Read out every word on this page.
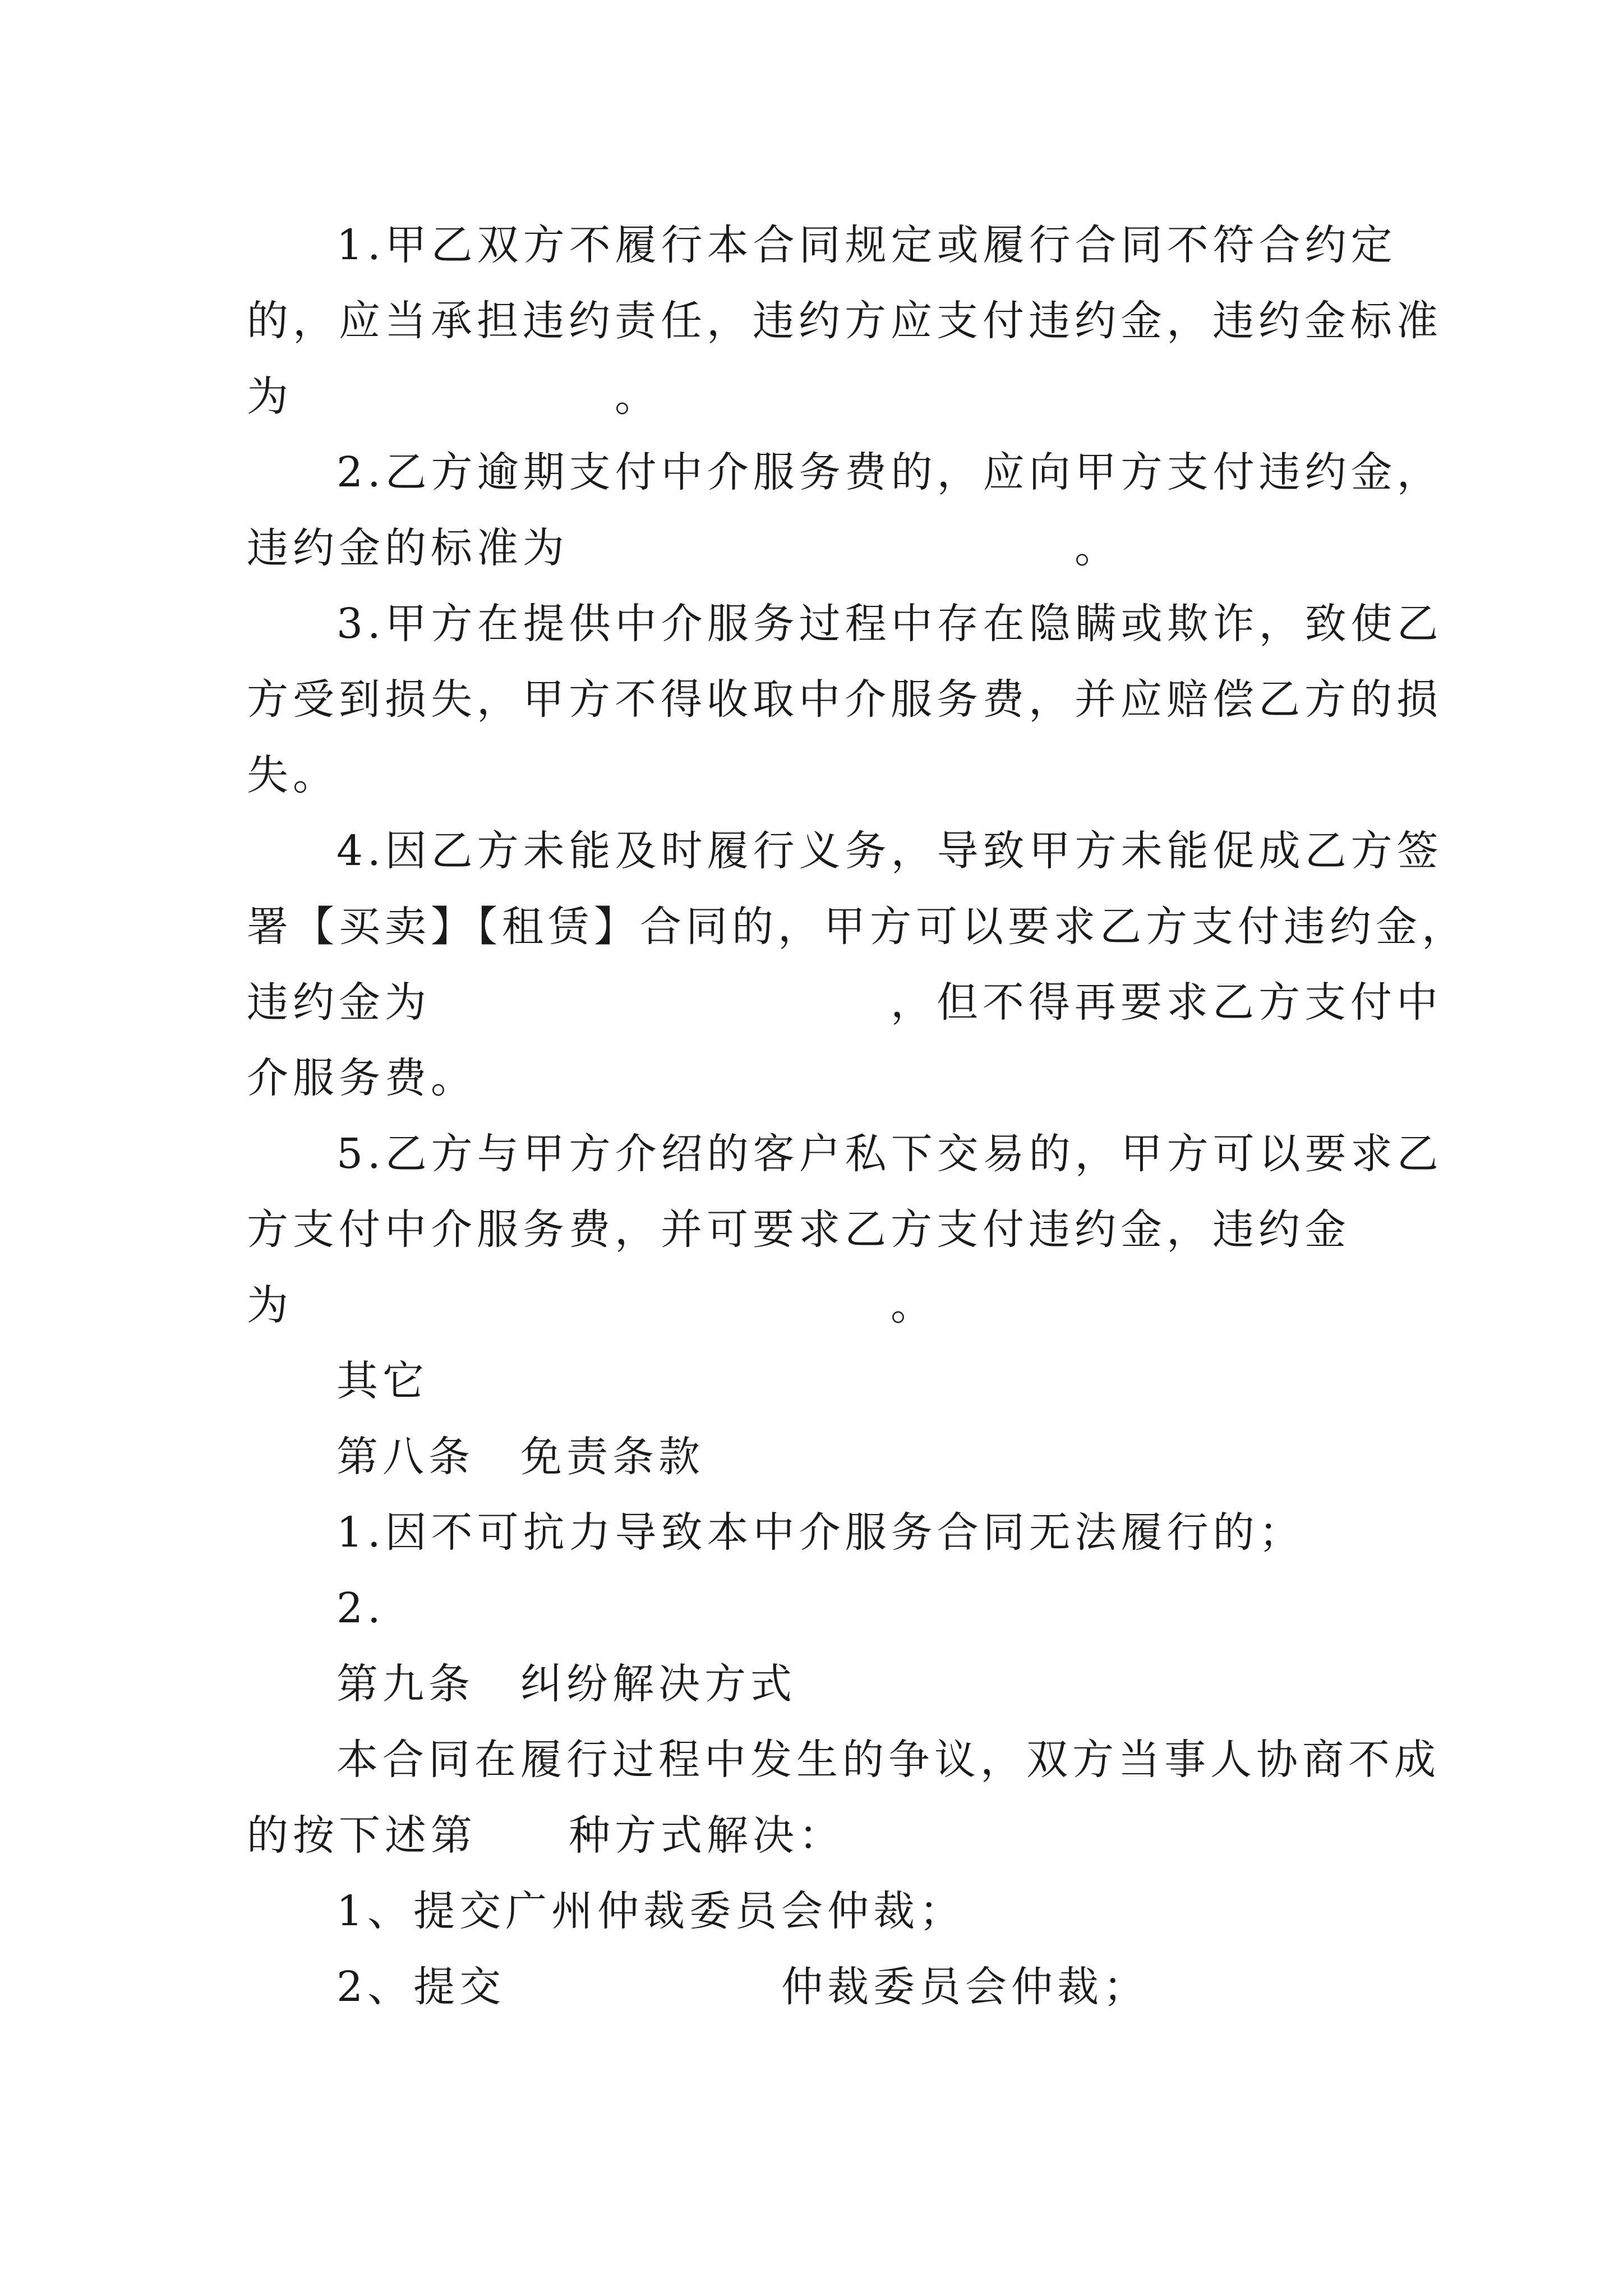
1.甲乙双方不履行本合同规定或履行合同不符合约定
的，应当承担违约责任，违约方应支付违约金，违约金标准
为　　　　　　　。
2.乙方逾期支付中介服务费的，应向甲方支付违约金，
违约金的标准为　　　　　　　　　　　。
3.甲方在提供中介服务过程中存在隐瞒或欺诈，致使乙
方受到损失，甲方不得收取中介服务费，并应赔偿乙方的损
失。
4.因乙方未能及时履行义务，导致甲方未能促成乙方签
署【买卖】【租赁】合同的，甲方可以要求乙方支付违约金，
违约金为　　　　　　　　　　，但不得再要求乙方支付中
介服务费。
5.乙方与甲方介绍的客户私下交易的，甲方可以要求乙
方支付中介服务费，并可要求乙方支付违约金，违约金
为　　　　　　　　　　　　　。
其它
第八条　免责条款
1.因不可抗力导致本中介服务合同无法履行的；
2.
第九条　纠纷解决方式
本合同在履行过程中发生的争议，双方当事人协商不成
的按下述第　　种方式解决：
1、提交广州仲裁委员会仲裁；
2、提交　　　　　　仲裁委员会仲裁；
